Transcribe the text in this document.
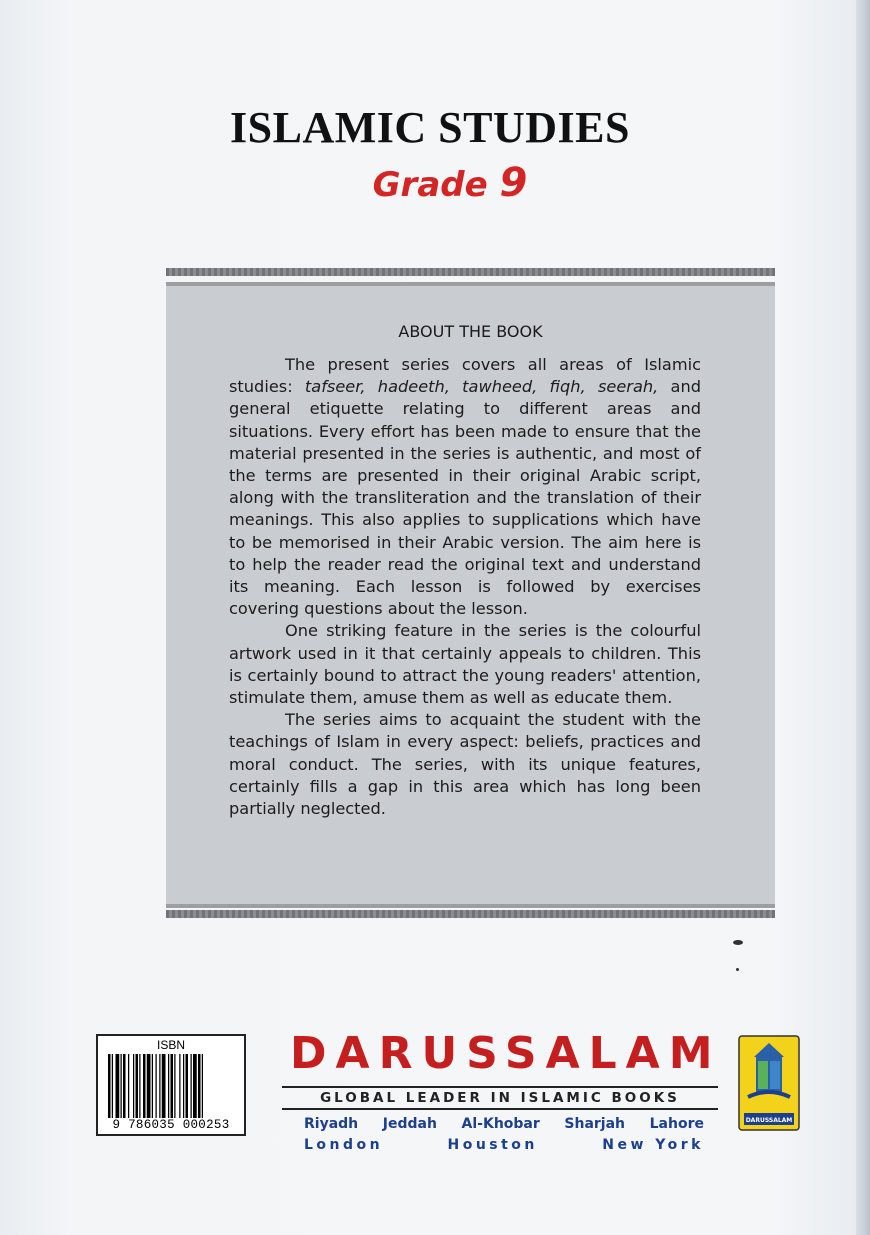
ISLAMIC STUDIES
Grade 9
ABOUT THE BOOK

The present series covers all areas of Islamic studies: tafseer, hadeeth, tawheed, fiqh, seerah, and general etiquette relating to different areas and situations. Every effort has been made to ensure that the material presented in the series is authentic, and most of the terms are presented in their original Arabic script, along with the transliteration and the translation of their meanings. This also applies to supplications which have to be memorised in their Arabic version. The aim here is to help the reader read the original text and understand its meaning. Each lesson is followed by exercises covering questions about the lesson.

One striking feature in the series is the colourful artwork used in it that certainly appeals to children. This is certainly bound to attract the young readers' attention, stimulate them, amuse them as well as educate them.

The series aims to acquaint the student with the teachings of Islam in every aspect: beliefs, practices and moral conduct. The series, with its unique features, certainly fills a gap in this area which has long been partially neglected.

ISBN
9 786035 000253
DARUSSALAM
GLOBAL LEADER IN ISLAMIC BOOKS
Riyadh Jeddah Al-Khobar Sharjah Lahore
London	Houston	New York
DARUSSALAM
